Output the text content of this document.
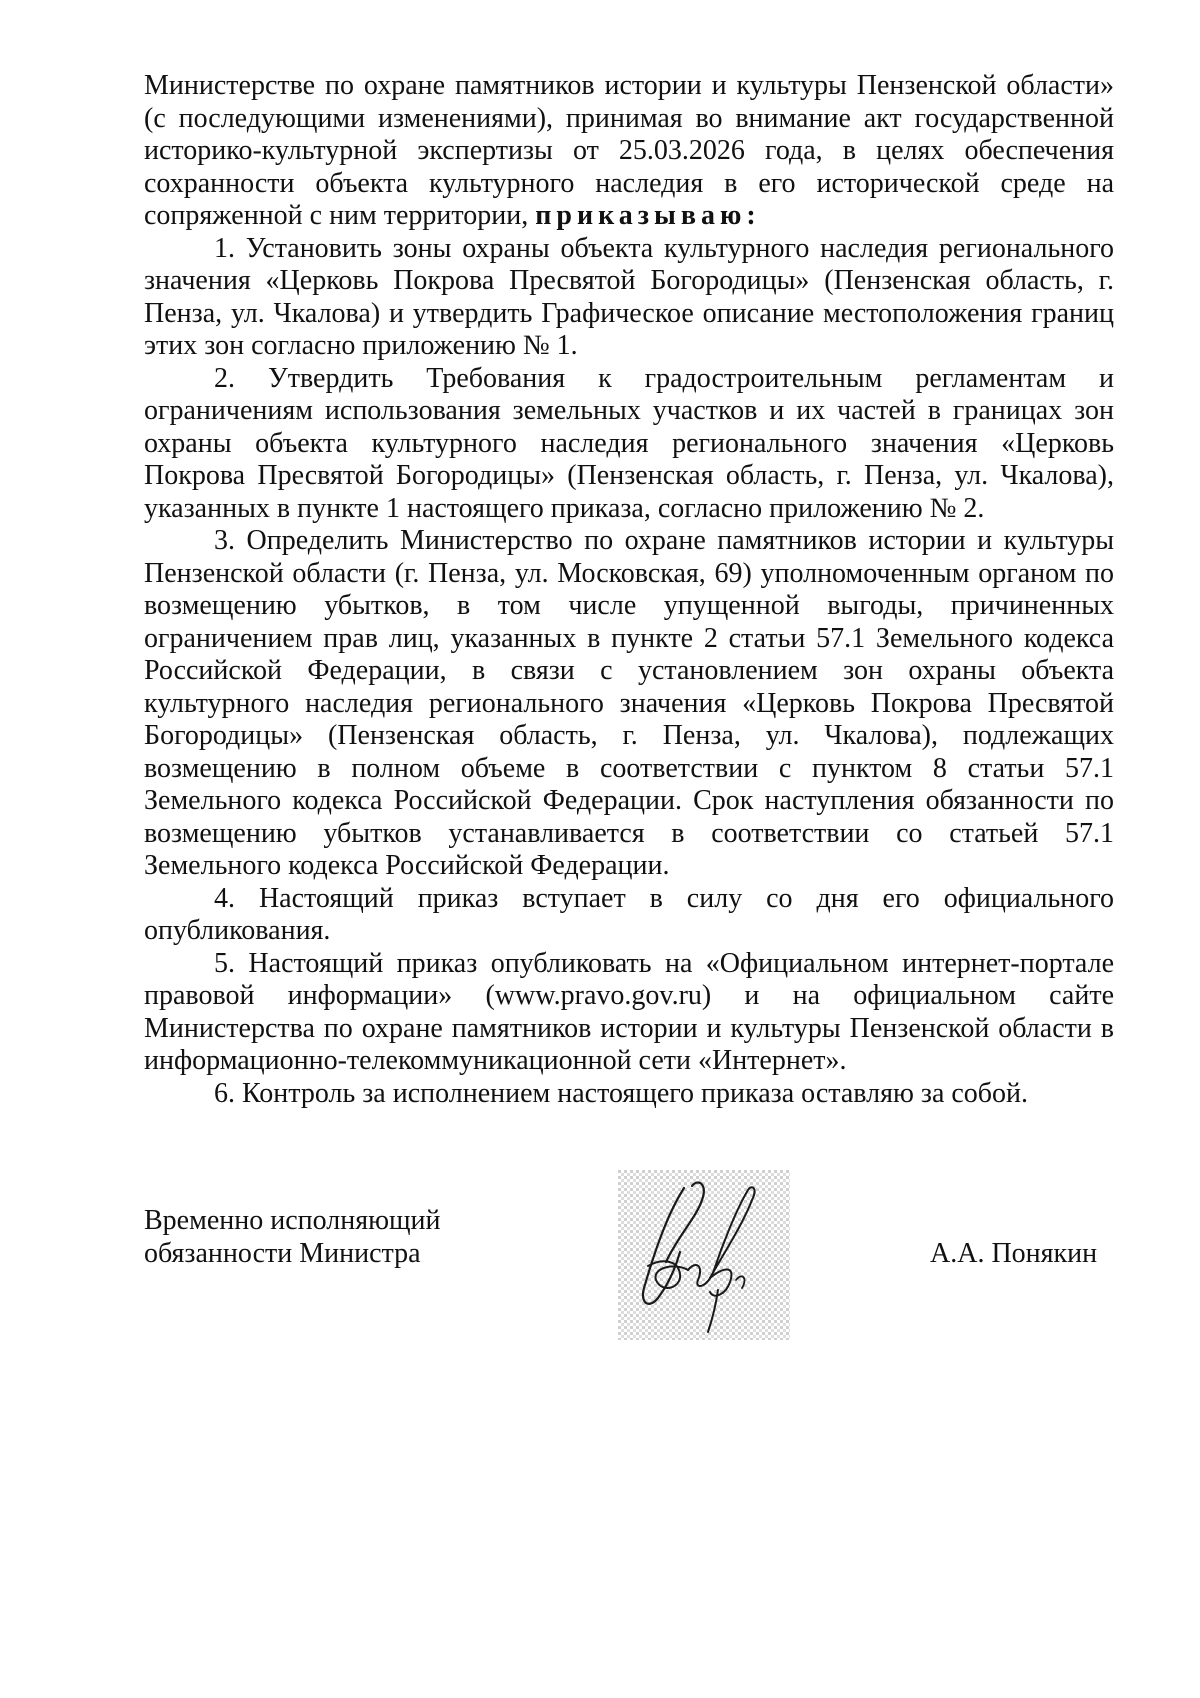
Министерстве по охране памятников истории и культуры Пензенской области» (с последующими изменениями), принимая во внимание акт государственной историко-культурной экспертизы от 25.03.2026 года, в целях обеспечения сохранности объекта культурного наследия в его исторической среде на сопряженной с ним территории, приказываю:

1. Установить зоны охраны объекта культурного наследия регионального значения «Церковь Покрова Пресвятой Богородицы» (Пензенская область, г. Пенза, ул. Чкалова) и утвердить Графическое описание местоположения границ этих зон согласно приложению № 1.

2. Утвердить Требования к градостроительным регламентам и ограничениям использования земельных участков и их частей в границах зон охраны объекта культурного наследия регионального значения «Церковь Покрова Пресвятой Богородицы» (Пензенская область, г. Пенза, ул. Чкалова), указанных в пункте 1 настоящего приказа, согласно приложению № 2.

3. Определить Министерство по охране памятников истории и культуры Пензенской области (г. Пенза, ул. Московская, 69) уполномоченным органом по возмещению убытков, в том числе упущенной выгоды, причиненных ограничением прав лиц, указанных в пункте 2 статьи 57.1 Земельного кодекса Российской Федерации, в связи с установлением зон охраны объекта культурного наследия регионального значения «Церковь Покрова Пресвятой Богородицы» (Пензенская область, г. Пенза, ул. Чкалова), подлежащих возмещению в полном объеме в соответствии с пунктом 8 статьи 57.1 Земельного кодекса Российской Федерации. Срок наступления обязанности по возмещению убытков устанавливается в соответствии со статьей 57.1 Земельного кодекса Российской Федерации.

4. Настоящий приказ вступает в силу со дня его официального опубликования.

5. Настоящий приказ опубликовать на «Официальном интернет-портале правовой информации» (www.pravo.gov.ru) и на официальном сайте Министерства по охране памятников истории и культуры Пензенской области в информационно-телекоммуникационной сети «Интернет».

6. Контроль за исполнением настоящего приказа оставляю за собой.

Временно исполняющий
обязанности Министра	А.А. Понякин
